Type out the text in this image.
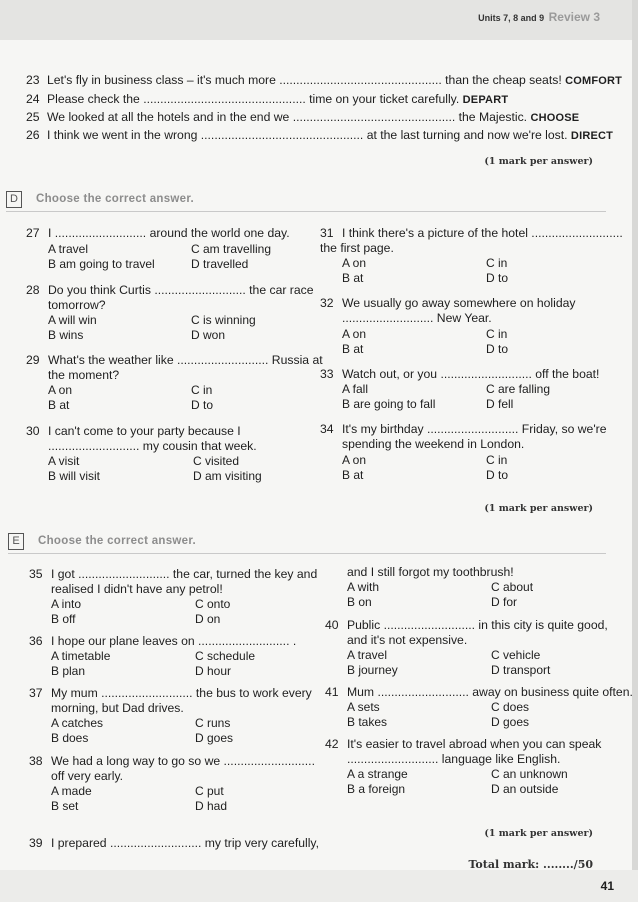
Units 7, 8 and 9 Review 3
23 Let's fly in business class – it's much more ................................................ than the cheap seats! COMFORT
24 Please check the ................................................ time on your ticket carefully. DEPART
25 We looked at all the hotels and in the end we ................................................ the Majestic. CHOOSE
26 I think we went in the wrong ................................................ at the last turning and now we're lost. DIRECT
(1 mark per answer)
D	Choose the correct answer.
27 I ........................... around the world one day.
A travel	C am travelling
B am going to travel	D travelled
28 Do you think Curtis ........................... the car race
tomorrow?
A will win	C is winning
B wins	D won
29 What's the weather like ........................... Russia at
the moment?
A on	C in
B at	D to
30 I can't come to your party because I
........................... my cousin that week.
A visit	C visited
B will visit	D am visiting
31 I think there's a picture of the hotel ...........................
the first page.
A on	C in
B at	D to
32 We usually go away somewhere on holiday
........................... New Year.
A on	C in
B at	D to
33 Watch out, or you ........................... off the boat!
A fall	C are falling
B are going to fall	D fell
34 It's my birthday ........................... Friday, so we're
spending the weekend in London.
A on	C in
B at	D to
(1 mark per answer)
E	Choose the correct answer.
35 I got ........................... the car, turned the key and
realised I didn't have any petrol!
A into	C onto
B off	D on
36 I hope our plane leaves on ........................... .
A timetable	C schedule
B plan	D hour
37 My mum ........................... the bus to work every
morning, but Dad drives.
A catches	C runs
B does	D goes
38 We had a long way to go so we ...........................
off very early.
A made	C put
B set	D had
39 I prepared ........................... my trip very carefully,
and I still forgot my toothbrush!
A with	C about
B on	D for
40 Public ........................... in this city is quite good,
and it's not expensive.
A travel	C vehicle
B journey	D transport
41 Mum ........................... away on business quite often.
A sets	C does
B takes	D goes
42 It's easier to travel abroad when you can speak
........................... language like English.
A a strange	C an unknown
B a foreign	D an outside
(1 mark per answer)
Total mark: ......../50
41
